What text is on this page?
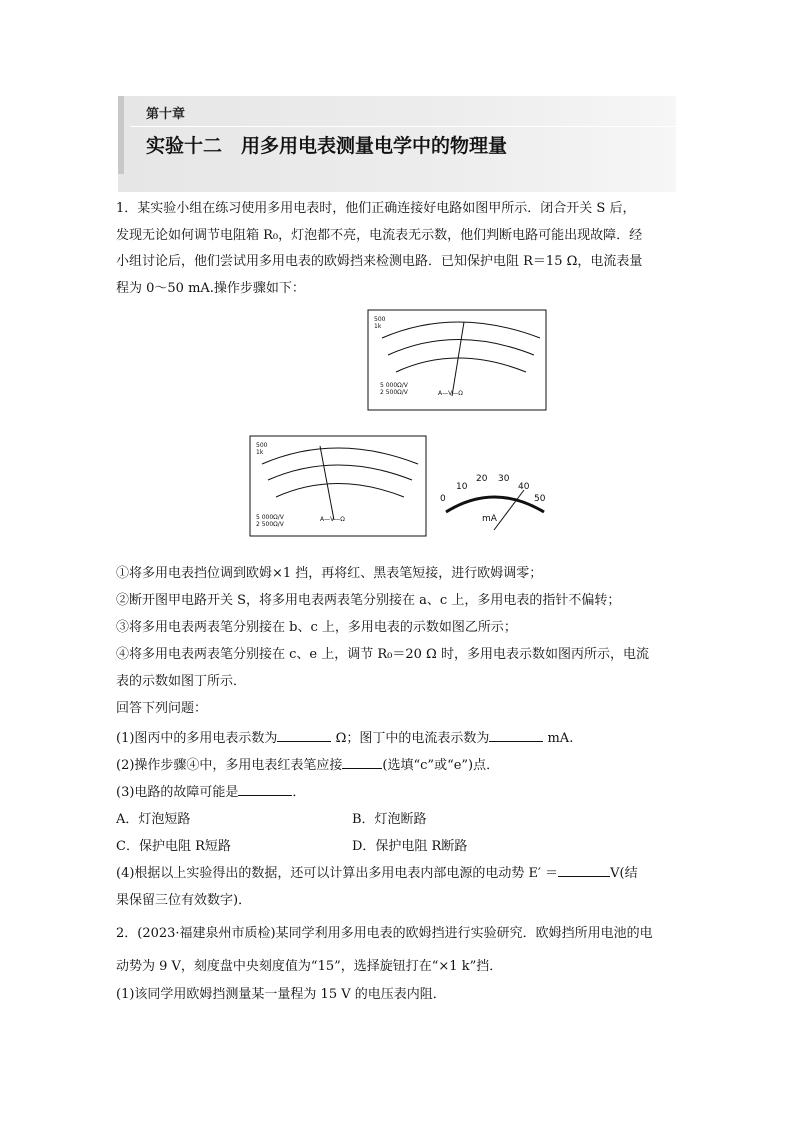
第十章
实验十二　用多用电表测量电学中的物理量
1．某实验小组在练习使用多用电表时，他们正确连接好电路如图甲所示．闭合开关 S 后，
发现无论如何调节电阻箱 R₀，灯泡都不亮，电流表无示数，他们判断电路可能出现故障．经
小组讨论后，他们尝试用多用电表的欧姆挡来检测电路．已知保护电阻 R＝15 Ω，电流表量
程为 0～50 mA.操作步骤如下：
500
1k
5 000Ω/V
2 500Ω/V	A—V—Ω
500
1k
5 000Ω/V
2 500Ω/V
A—V—Ω
0
10
20 30
40
50
mA
①将多用电表挡位调到欧姆×1 挡，再将红、黑表笔短接，进行欧姆调零；
②断开图甲电路开关 S，将多用电表两表笔分别接在 a、c 上，多用电表的指针不偏转；
③将多用电表两表笔分别接在 b、c 上，多用电表的示数如图乙所示；
④将多用电表两表笔分别接在 c、e 上，调节 R₀＝20 Ω 时，多用电表示数如图丙所示，电流
表的示数如图丁所示．
回答下列问题：
(1)图丙中的多用电表示数为	Ω；图丁中的电流表示数为	mA.
(2)操作步骤④中，多用电表红表笔应接	(选填“c”或“e”)点．
(3)电路的故障可能是	．
A．灯泡短路	B．灯泡断路
C．保护电阻 R短路	D．保护电阻 R断路
(4)根据以上实验得出的数据，还可以计算出多用电表内部电源的电动势 E′ ＝	V(结
果保留三位有效数字)．
2．(2023·福建泉州市质检)某同学利用多用电表的欧姆挡进行实验研究．欧姆挡所用电池的电
动势为 9 V，刻度盘中央刻度值为“15”，选择旋钮打在“×1 k”挡．
(1)该同学用欧姆挡测量某一量程为 15 V 的电压表内阻．
